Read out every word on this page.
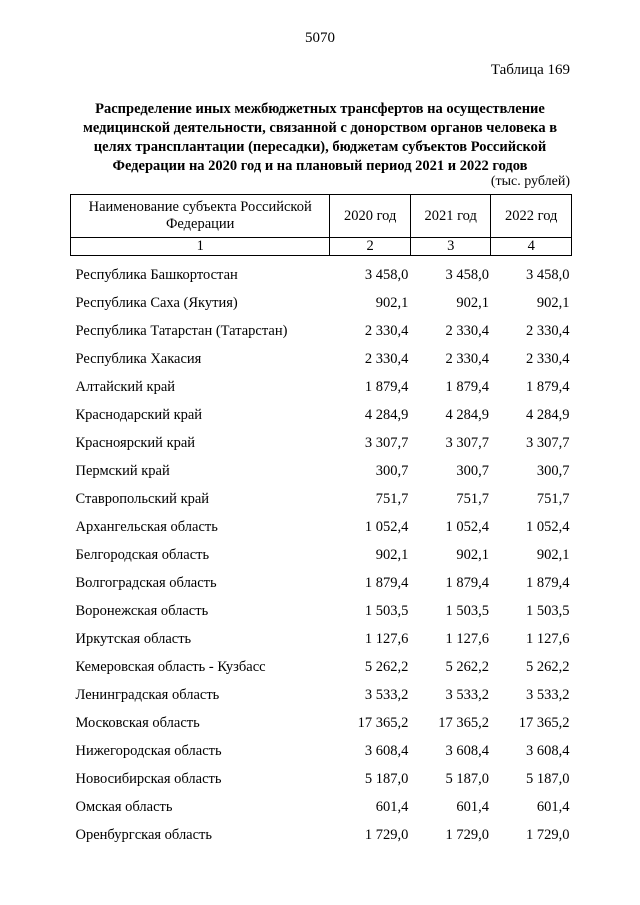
5070
Таблица 169
Распределение иных межбюджетных трансфертов на осуществление медицинской деятельности, связанной с донорством органов человека в целях трансплантации (пересадки), бюджетам субъектов Российской Федерации на 2020 год и на плановый период 2021 и 2022 годов
(тыс. рублей)
Наименование субъекта Российской Федерации	2020 год	2021 год	2022 год
1	2	3	4
Республика Башкортостан	3 458,0	3 458,0	3 458,0
Республика Саха (Якутия)	902,1	902,1	902,1
Республика Татарстан (Татарстан)	2 330,4	2 330,4	2 330,4
Республика Хакасия	2 330,4	2 330,4	2 330,4
Алтайский край	1 879,4	1 879,4	1 879,4
Краснодарский край	4 284,9	4 284,9	4 284,9
Красноярский край	3 307,7	3 307,7	3 307,7
Пермский край	300,7	300,7	300,7
Ставропольский край	751,7	751,7	751,7
Архангельская область	1 052,4	1 052,4	1 052,4
Белгородская область	902,1	902,1	902,1
Волгоградская область	1 879,4	1 879,4	1 879,4
Воронежская область	1 503,5	1 503,5	1 503,5
Иркутская область	1 127,6	1 127,6	1 127,6
Кемеровская область - Кузбасс	5 262,2	5 262,2	5 262,2
Ленинградская область	3 533,2	3 533,2	3 533,2
Московская область	17 365,2	17 365,2	17 365,2
Нижегородская область	3 608,4	3 608,4	3 608,4
Новосибирская область	5 187,0	5 187,0	5 187,0
Омская область	601,4	601,4	601,4
Оренбургская область	1 729,0	1 729,0	1 729,0
